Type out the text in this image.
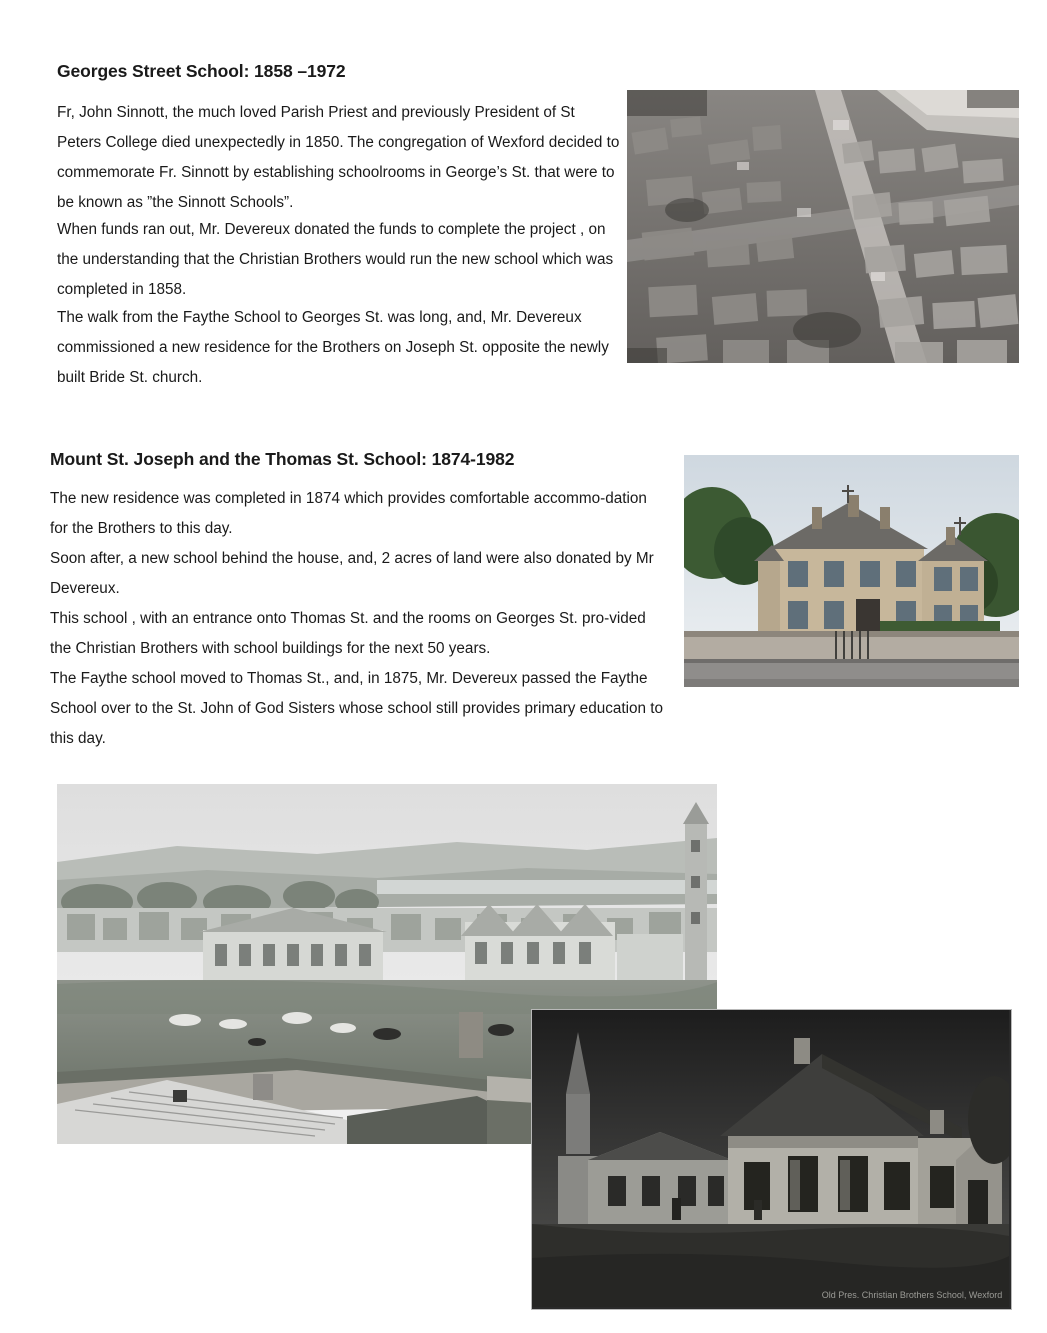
Georges Street School: 1858 –1972
Fr, John Sinnott, the much loved Parish Priest and previously President of St Peters College died unexpectedly in 1850. The congregation of Wexford decided to commemorate Fr. Sinnott by establishing schoolrooms in George’s St. that were to be known as ”the Sinnott Schools”.
When funds ran out, Mr. Devereux donated the funds to complete the project , on the understanding that the Christian Brothers would run the new school which was completed in 1858.
The walk from the Faythe School to Georges St. was long, and, Mr. Devereux commissioned a new residence for the Brothers on Joseph St. opposite the newly built Bride St. church.
Mount St. Joseph and the Thomas St. School: 1874-1982
The new residence was completed in 1874 which provides comfortable accommo-dation for the Brothers to this day.
Soon after, a new school behind the house, and, 2 acres of land were also donated by Mr Devereux.
This school , with an entrance onto Thomas St. and the rooms on Georges St. pro-vided the Christian Brothers with school buildings for the next 50 years.
The Faythe school moved to Thomas St., and, in 1875, Mr. Devereux passed the Faythe School over to the St. John of God Sisters whose school still provides primary education to this day.
Old Pres. Christian Brothers School, Wexford
